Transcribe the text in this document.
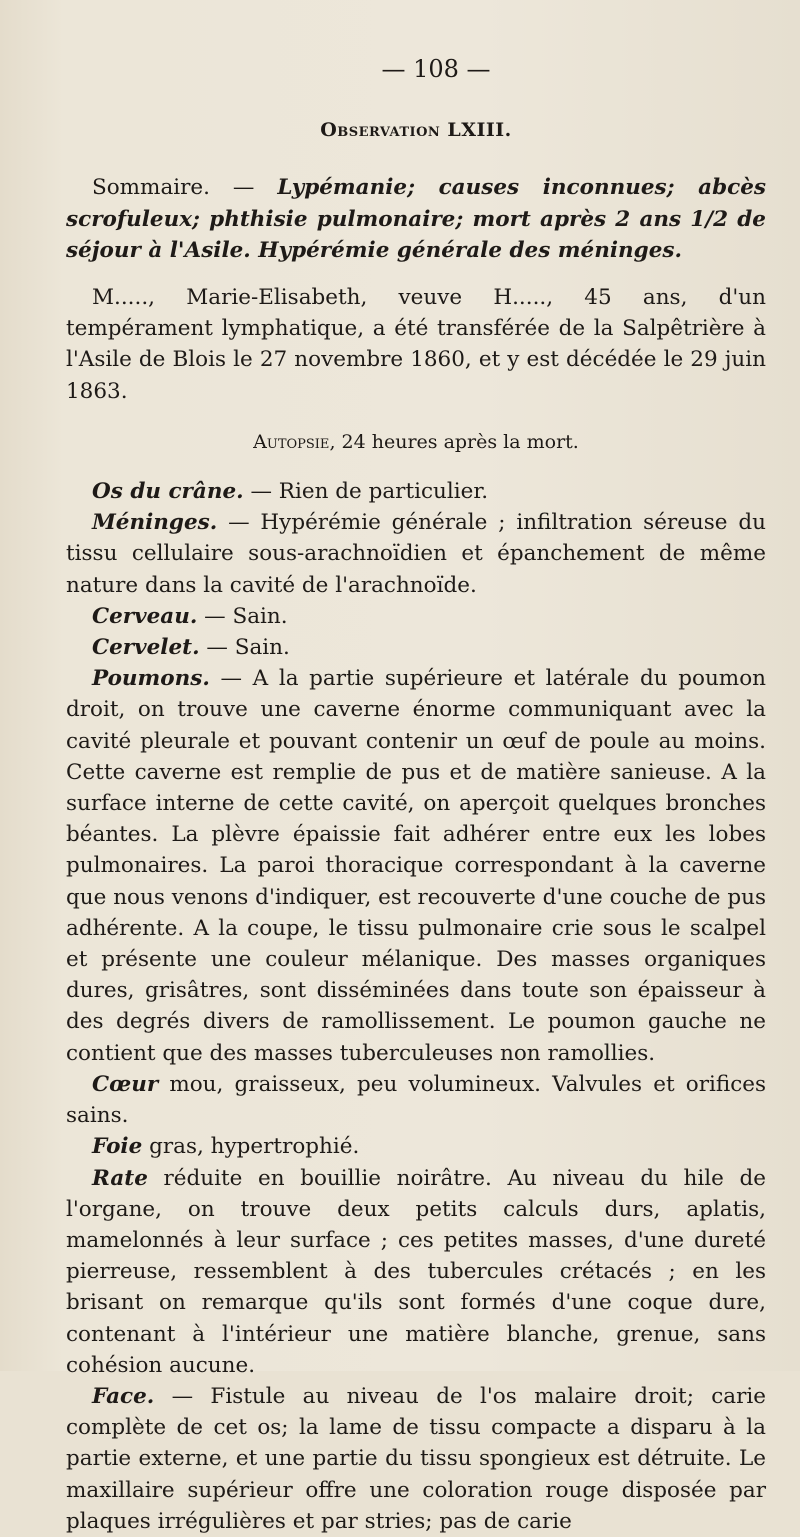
— 108 —
Observation LXIII.

Sommaire. — Lypémanie; causes inconnues; abcès scrofuleux; phthisie pulmonaire; mort après 2 ans 1/2 de séjour à l'Asile. Hypérémie générale des méninges.

M....., Marie-Elisabeth, veuve H....., 45 ans, d'un tempérament lymphatique, a été transférée de la Salpêtrière à l'Asile de Blois le 27 novembre 1860, et y est décédée le 29 juin 1863.

Autopsie, 24 heures après la mort.

Os du crâne. — Rien de particulier.

Méninges. — Hypérémie générale ; infiltration séreuse du tissu cellulaire sous-arachnoïdien et épanchement de même nature dans la cavité de l'arachnoïde.

Cerveau. — Sain.

Cervelet. — Sain.

Poumons. — A la partie supérieure et latérale du poumon droit, on trouve une caverne énorme communiquant avec la cavité pleurale et pouvant contenir un œuf de poule au moins. Cette caverne est remplie de pus et de matière sanieuse. A la surface interne de cette cavité, on aperçoit quelques bronches béantes. La plèvre épaissie fait adhérer entre eux les lobes pulmonaires. La paroi thoracique correspondant à la caverne que nous venons d'indiquer, est recouverte d'une couche de pus adhérente. A la coupe, le tissu pulmonaire crie sous le scalpel et présente une couleur mélanique. Des masses organiques dures, grisâtres, sont disséminées dans toute son épaisseur à des degrés divers de ramollissement. Le poumon gauche ne contient que des masses tuberculeuses non ramollies.

Cœur mou, graisseux, peu volumineux. Valvules et orifices sains.

Foie gras, hypertrophié.

Rate réduite en bouillie noirâtre. Au niveau du hile de l'organe, on trouve deux petits calculs durs, aplatis, mamelonnés à leur surface ; ces petites masses, d'une dureté pierreuse, ressemblent à des tubercules crétacés ; en les brisant on remarque qu'ils sont formés d'une coque dure, contenant à l'intérieur une matière blanche, grenue, sans cohésion aucune.

Face. — Fistule au niveau de l'os malaire droit; carie complète de cet os; la lame de tissu compacte a disparu à la partie externe, et une partie du tissu spongieux est détruite. Le maxillaire supérieur offre une coloration rouge disposée par plaques irrégulières et par stries; pas de carie
